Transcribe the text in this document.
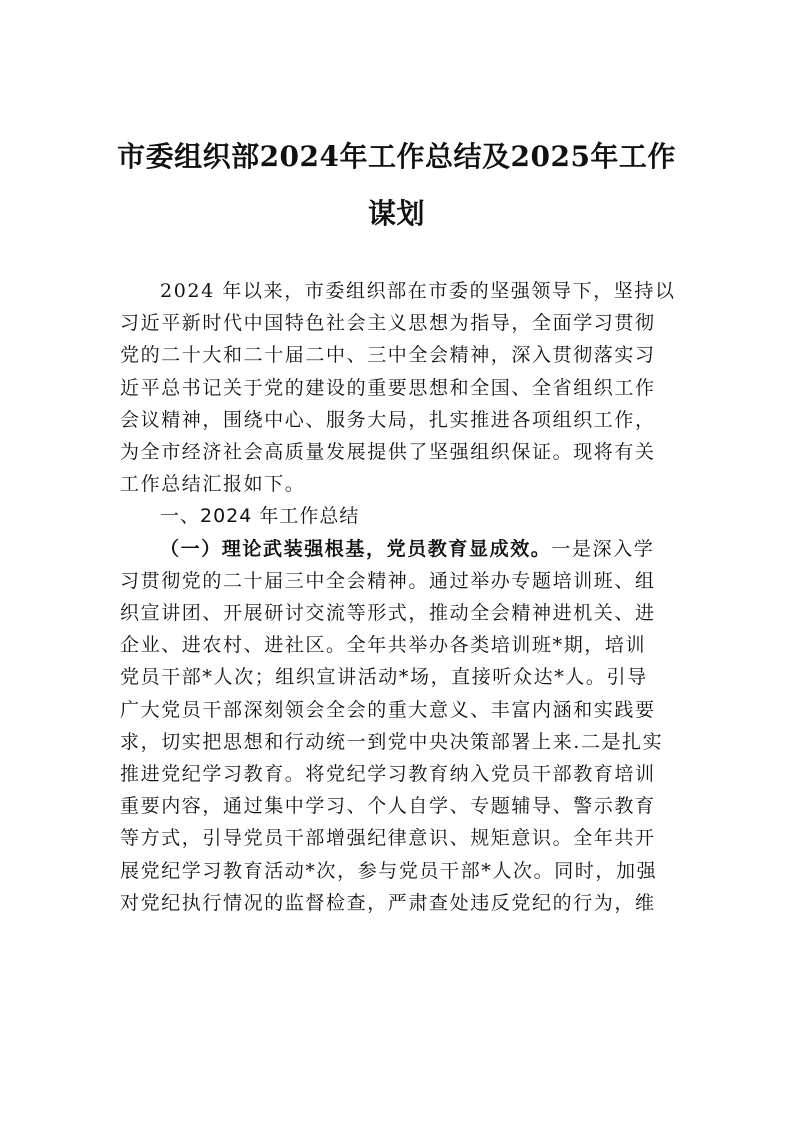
市委组织部2024年工作总结及2025年工作
谋划
2024 年以来，市委组织部在市委的坚强领导下，坚持以
习近平新时代中国特色社会主义思想为指导，全面学习贯彻
党的二十大和二十届二中、三中全会精神，深入贯彻落实习
近平总书记关于党的建设的重要思想和全国、全省组织工作
会议精神，围绕中心、服务大局，扎实推进各项组织工作，
为全市经济社会高质量发展提供了坚强组织保证。现将有关
工作总结汇报如下。
一、2024 年工作总结
（一）理论武装强根基，党员教育显成效。一是深入学
习贯彻党的二十届三中全会精神。通过举办专题培训班、组
织宣讲团、开展研讨交流等形式，推动全会精神进机关、进
企业、进农村、进社区。全年共举办各类培训班*期，培训
党员干部*人次；组织宣讲活动*场，直接听众达*人。引导
广大党员干部深刻领会全会的重大意义、丰富内涵和实践要
求，切实把思想和行动统一到党中央决策部署上来.二是扎实
推进党纪学习教育。将党纪学习教育纳入党员干部教育培训
重要内容，通过集中学习、个人自学、专题辅导、警示教育
等方式，引导党员干部增强纪律意识、规矩意识。全年共开
展党纪学习教育活动*次，参与党员干部*人次。同时，加强
对党纪执行情况的监督检查，严肃查处违反党纪的行为，维
